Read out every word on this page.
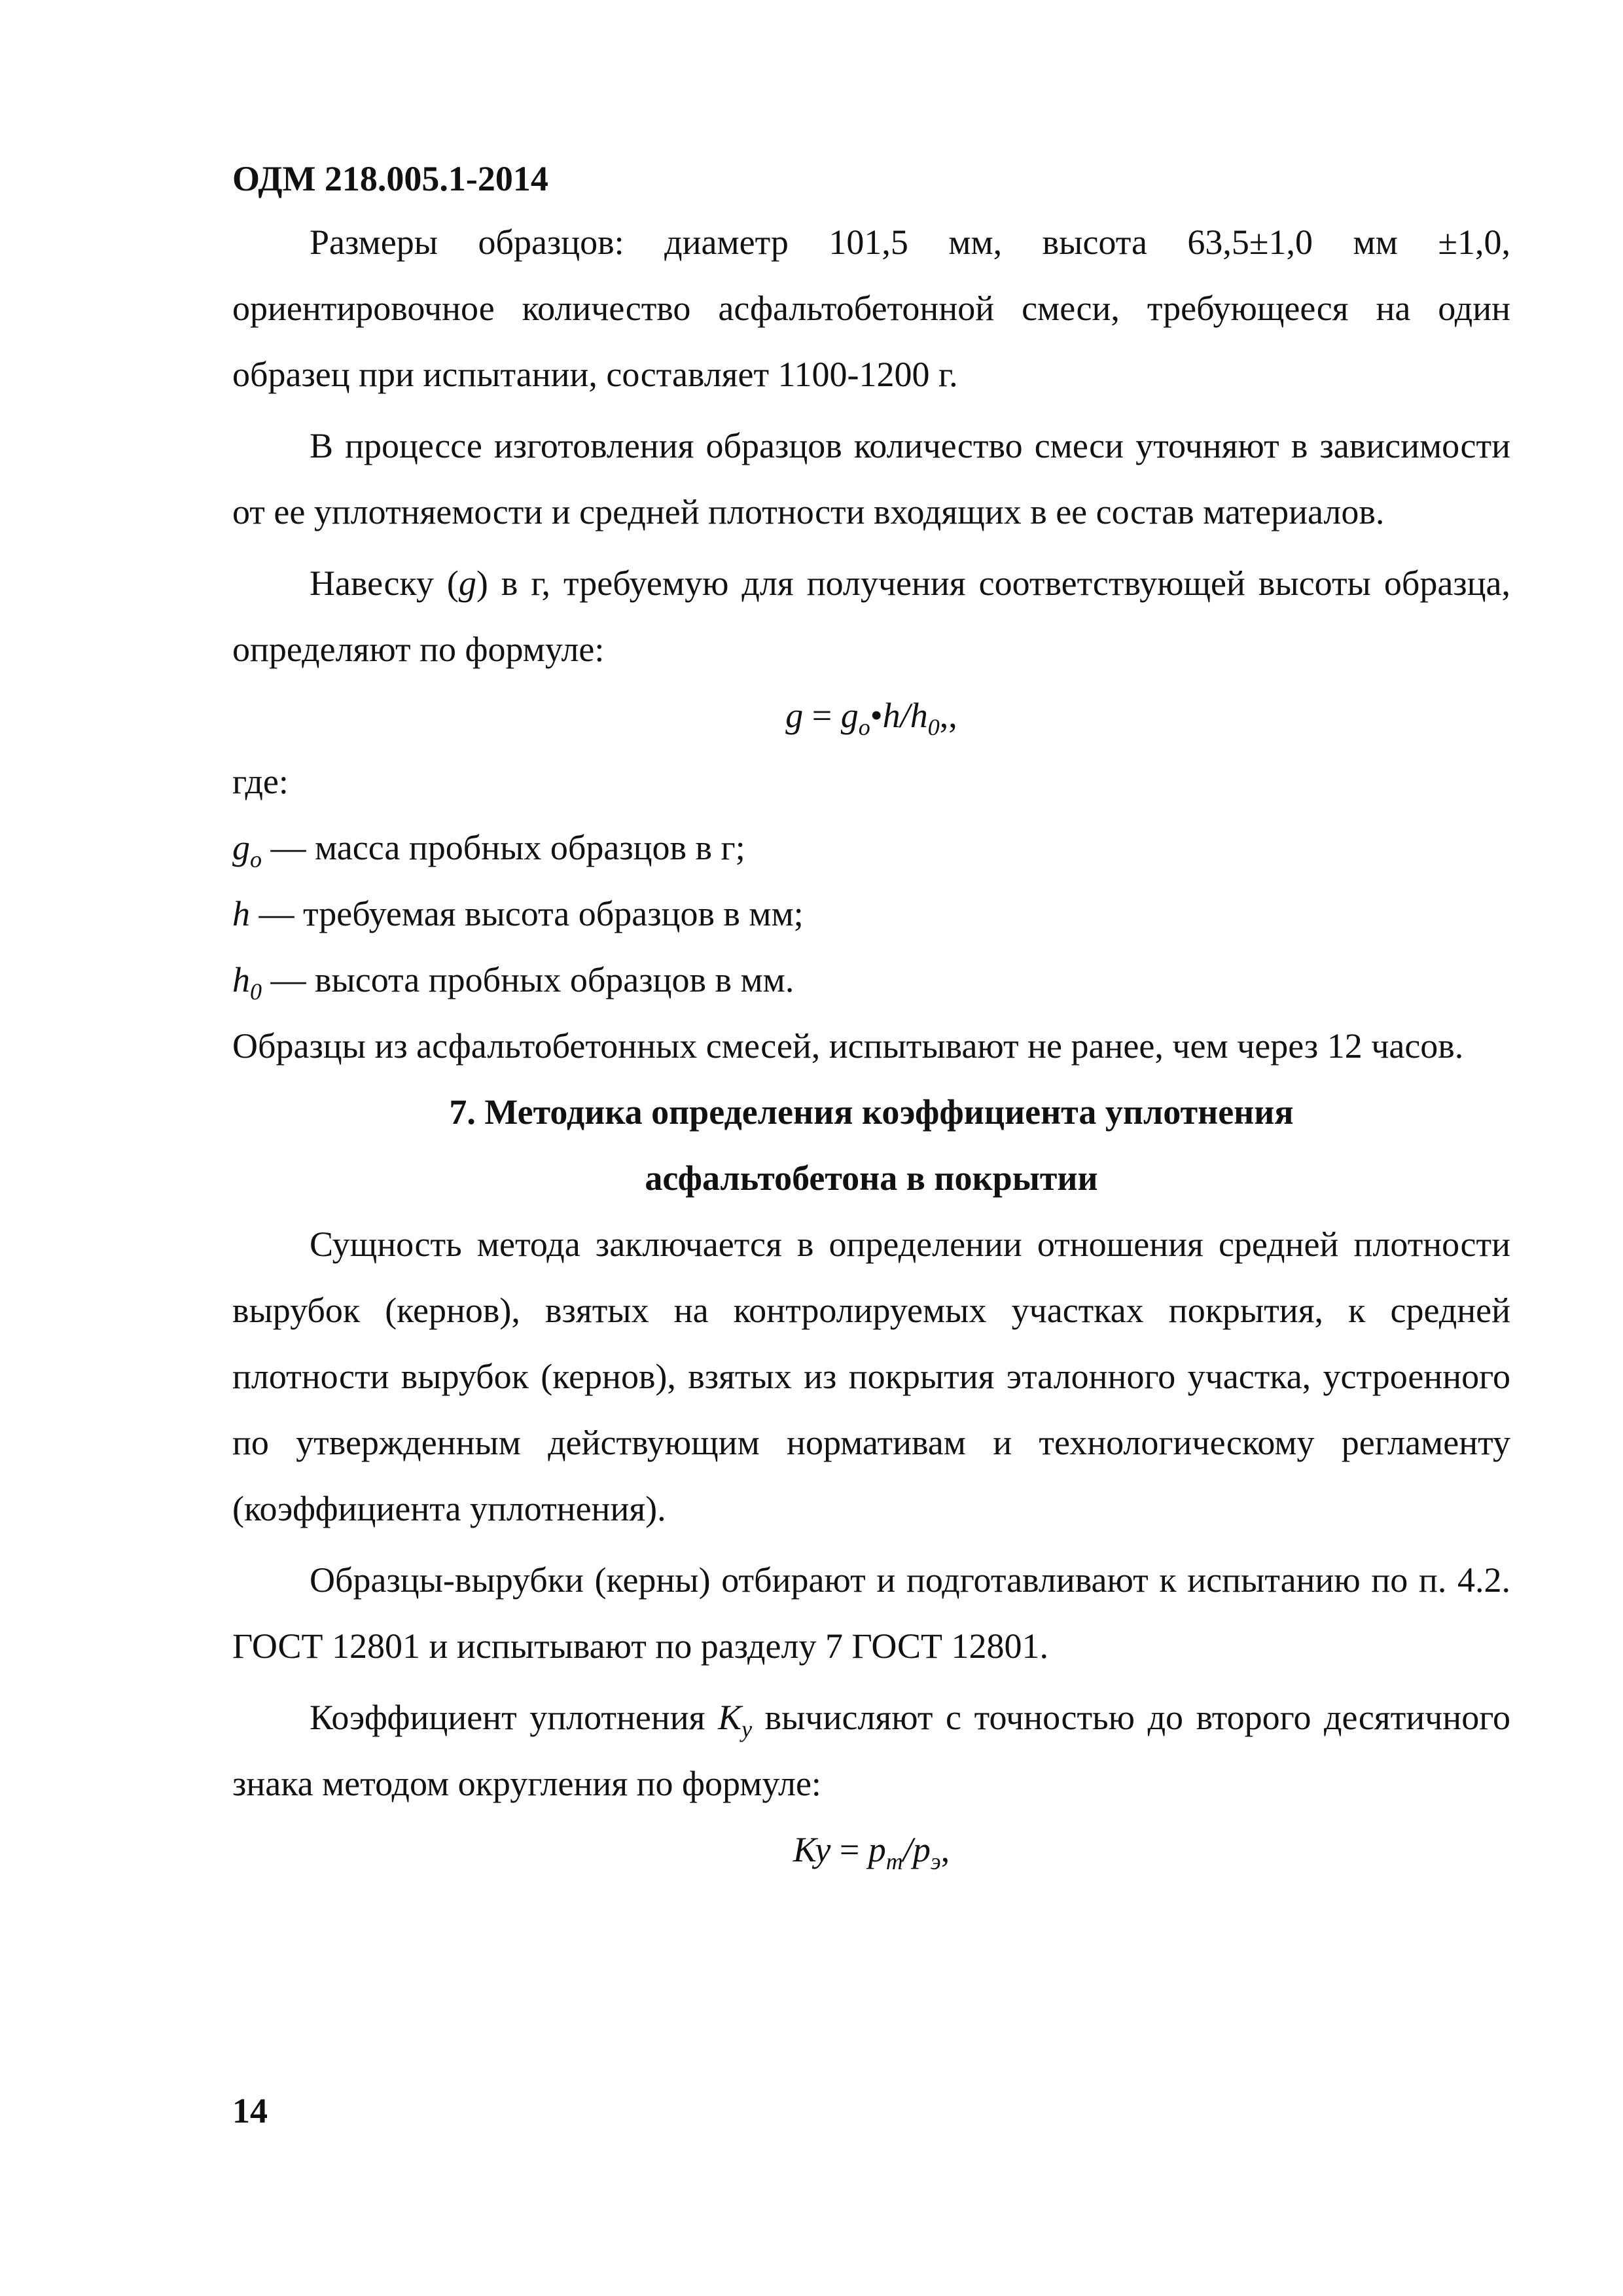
ОДМ 218.005.1-2014

Размеры образцов: диаметр 101,5 мм, высота 63,5±1,0 мм ±1,0, ориентировочное количество асфальтобетонной смеси, требующееся на один образец при испытании, составляет 1100-1200 г.

В процессе изготовления образцов количество смеси уточняют в зависимости от ее уплотняемости и средней плотности входящих в ее состав материалов.

Навеску (g) в г, требуемую для получения соответствующей высоты образца, определяют по формуле:

$g = g_o•h/h_0$,,

где:

$g_o$ — масса пробных образцов в г;

h — требуемая высота образцов в мм;

$h_0$ — высота пробных образцов в мм.

Образцы из асфальтобетонных смесей, испытывают не ранее, чем через 12 часов.

7. Методика определения коэффициента уплотнения

асфальтобетона в покрытии

Сущность метода заключается в определении отношения средней плотности вырубок (кернов), взятых на контролируемых участках покрытия, к средней плотности вырубок (кернов), взятых из покрытия эталонного участка, устроенного по утвержденным действующим нормативам и технологическому регламенту (коэффициента уплотнения).

Образцы-вырубки (керны) отбирают и подготавливают к испытанию по п. 4.2. ГОСТ 12801 и испытывают по разделу 7 ГОСТ 12801.

Коэффициент уплотнения $K_у$ вычисляют с точностью до второго десятичного знака методом округления по формуле:

Ку = $p_т/p_э$,

14
